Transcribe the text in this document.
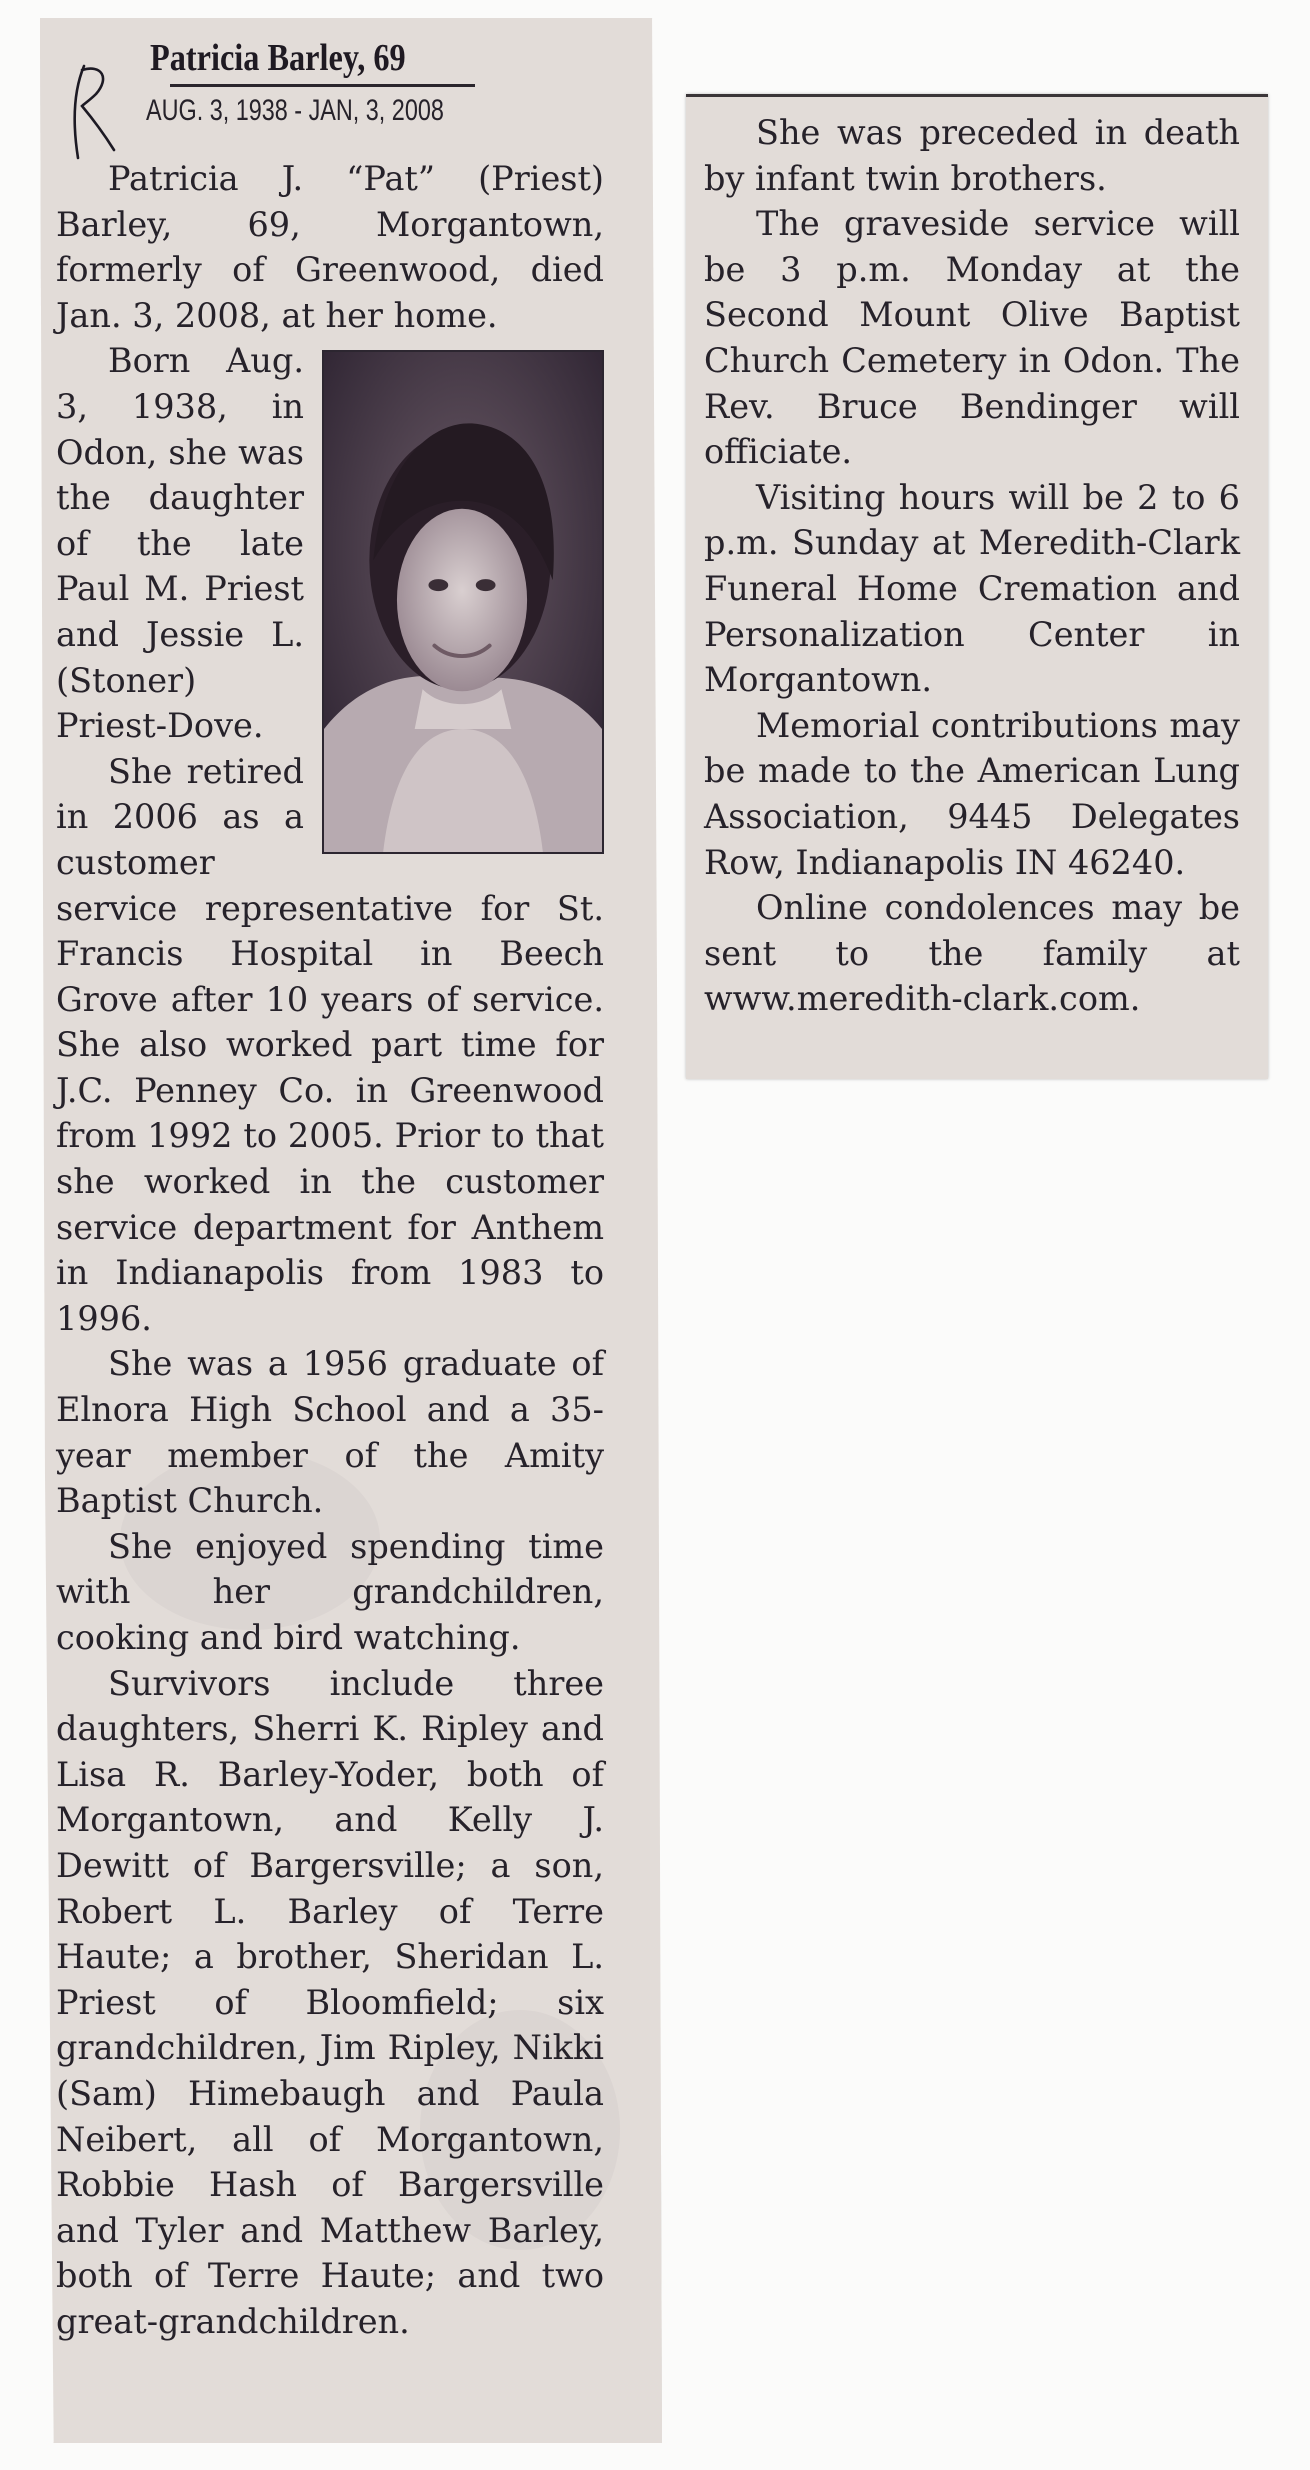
Patricia Barley, 69
AUG. 3, 1938 - JAN, 3, 2008

Patricia J. “Pat” (Priest) Barley, 69, Morgantown, formerly of Greenwood, died Jan. 3, 2008, at her home.

Born Aug. 3, 1938, in Odon, she was the daughter of the late Paul M. Priest and Jessie L. (Stoner) Priest-Dove.

She retired in 2006 as a customer service representative for St. Francis Hospital in Beech Grove after 10 years of service. She also worked part time for J.C. Penney Co. in Greenwood from 1992 to 2005. Prior to that she worked in the customer service department for Anthem in Indianapolis from 1983 to 1996.

She was a 1956 graduate of Elnora High School and a 35-year member of the Amity Baptist Church.

She enjoyed spending time with her grandchildren, cooking and bird watching.

Survivors include three daughters, Sherri K. Ripley and Lisa R. Barley-Yoder, both of Morgantown, and Kelly J. Dewitt of Bargersville; a son, Robert L. Barley of Terre Haute; a brother, Sheridan L. Priest of Bloomfield; six grandchildren, Jim Ripley, Nikki (Sam) Himebaugh and Paula Neibert, all of Morgantown, Robbie Hash of Bargersville and Tyler and Matthew Barley, both of Terre Haute; and two great-grandchildren.

She was preceded in death by infant twin brothers.

The graveside service will be 3 p.m. Monday at the Second Mount Olive Baptist Church Cemetery in Odon. The Rev. Bruce Bendinger will officiate.

Visiting hours will be 2 to 6 p.m. Sunday at Meredith-Clark Funeral Home Cremation and Personalization Center in Morgantown.

Memorial contributions may be made to the American Lung Association, 9445 Delegates Row, Indianapolis IN 46240.

Online condolences may be sent to the family at www.meredith-clark.com.
